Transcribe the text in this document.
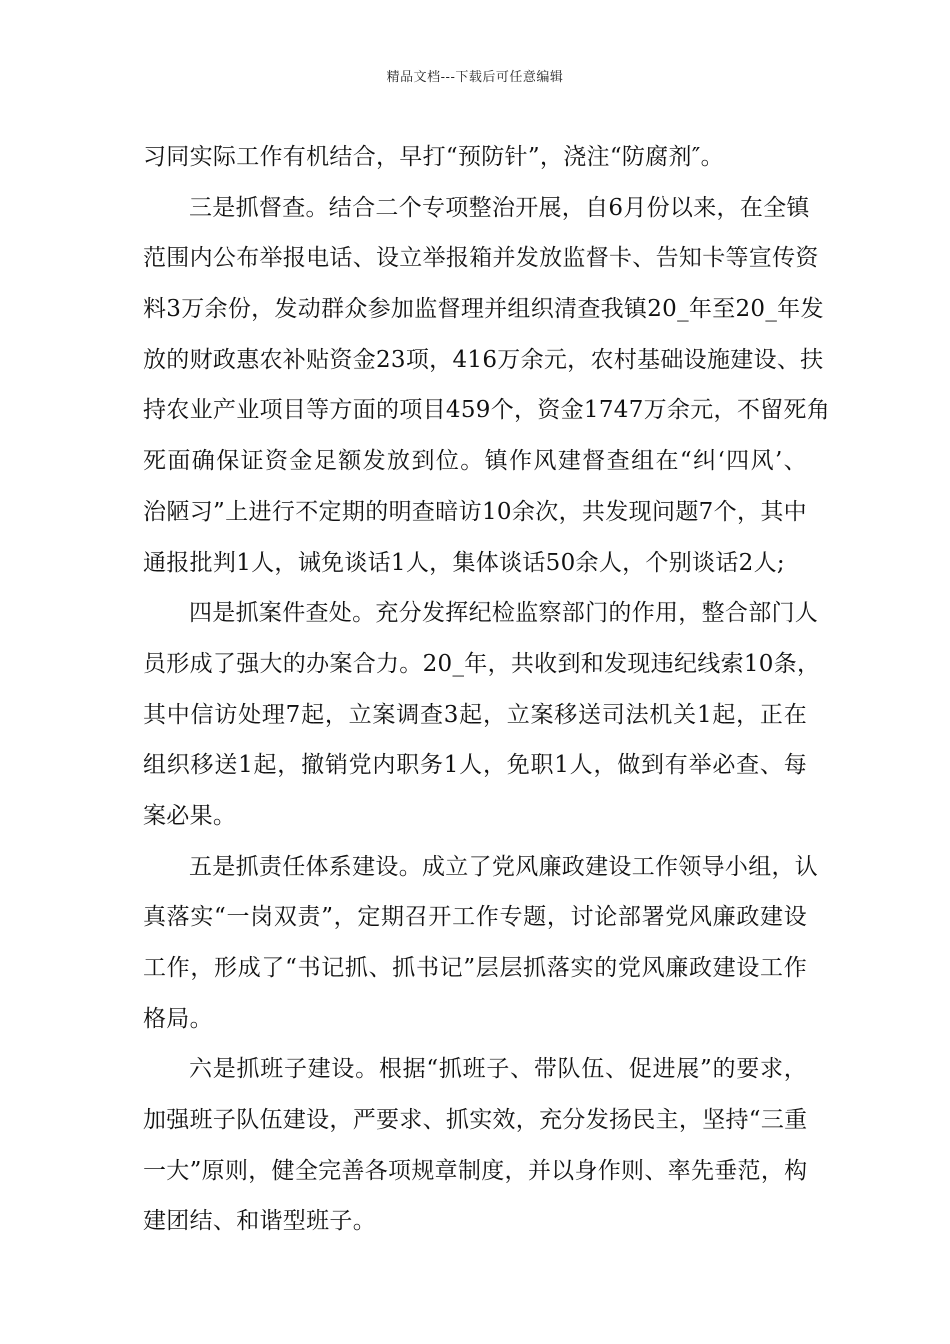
精品文档---下载后可任意编辑
习同实际工作有机结合，早打“预防针”，浇注“防腐剂″。
三是抓督查。结合二个专项整治开展，自6月份以来，在全镇
范围内公布举报电话、设立举报箱并发放监督卡、告知卡等宣传资
料3万余份，发动群众参加监督理并组织清查我镇20_年至20_年发
放的财政惠农补贴资金23项，416万余元，农村基础设施建设、扶
持农业产业项目等方面的项目459个，资金1747万余元，不留死角
死面确保证资金足额发放到位。镇作风建督查组在“纠‘四风’、
治陋习”上进行不定期的明查暗访10余次，共发现问题7个，其中
通报批判1人，诫免谈话1人，集体谈话50余人，个别谈话2人;
四是抓案件查处。充分发挥纪检监察部门的作用，整合部门人
员形成了强大的办案合力。20_年，共收到和发现违纪线索10条，
其中信访处理7起，立案调查3起，立案移送司法机关1起，正在
组织移送1起，撤销党内职务1人，免职1人，做到有举必查、每
案必果。
五是抓责任体系建设。成立了党风廉政建设工作领导小组，认
真落实“一岗双责”，定期召开工作专题，讨论部署党风廉政建设
工作，形成了“书记抓、抓书记”层层抓落实的党风廉政建设工作
格局。
六是抓班子建设。根据“抓班子、带队伍、促进展”的要求，
加强班子队伍建设，严要求、抓实效，充分发扬民主，坚持“三重
一大”原则，健全完善各项规章制度，并以身作则、率先垂范，构
建团结、和谐型班子。
